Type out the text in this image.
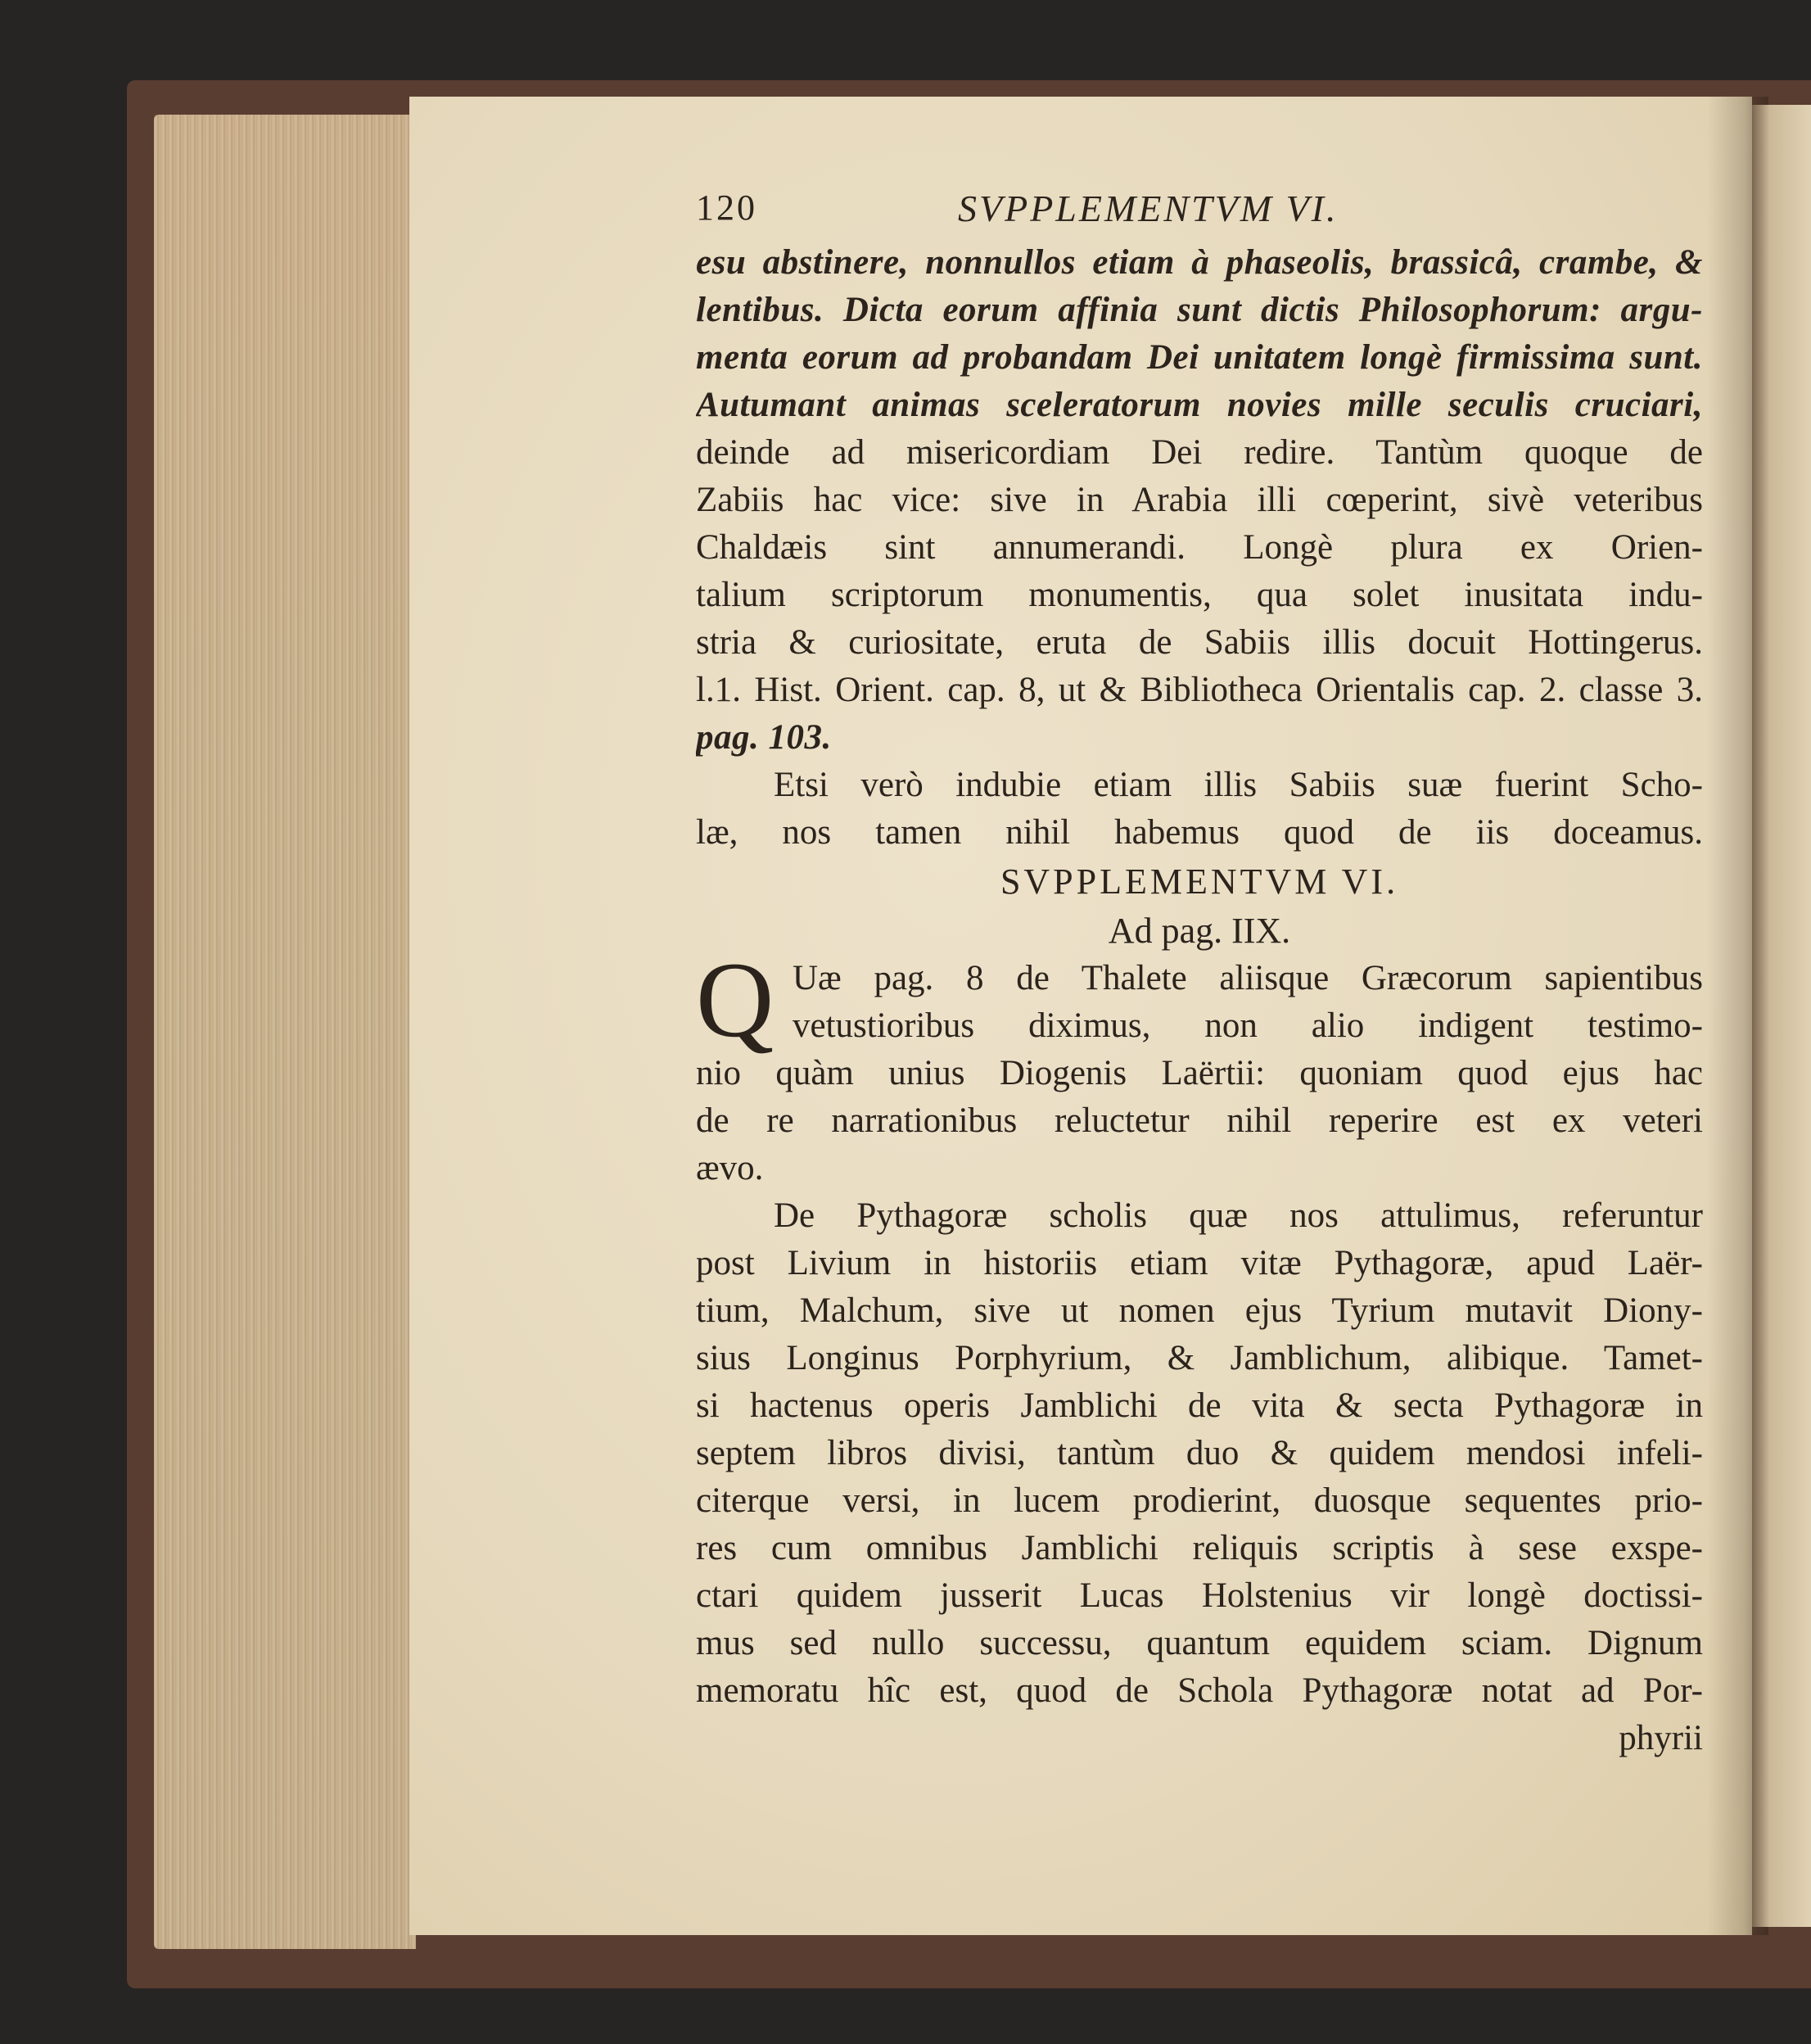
120	SVPPLEMENTVM VI.
esu abstinere, nonnullos etiam à phaseolis, brassicâ, crambe, &
lentibus. Dicta eorum affinia sunt dictis Philosophorum: argu-
menta eorum ad probandam Dei unitatem longè firmissima sunt.
Autumant animas sceleratorum novies mille seculis cruciari,
deinde ad misericordiam Dei redire. Tantùm quoque de
Zabiis hac vice: sive in Arabia illi cœperint, sivè veteribus
Chaldæis sint annumerandi. Longè plura ex Orien-
talium scriptorum monumentis, qua solet inusitata indu-
stria & curiositate, eruta de Sabiis illis docuit Hottingerus.
l.1. Hist. Orient. cap. 8, ut & Bibliotheca Orientalis cap. 2. classe 3.
pag. 103.
Etsi verò indubie etiam illis Sabiis suæ fuerint Scho-
læ, nos tamen nihil habemus quod de iis doceamus.
SVPPLEMENTVM VI.
Ad pag. IIX.
Q Uæ pag. 8 de Thalete aliisque Græcorum sapientibus
vetustioribus diximus, non alio indigent testimo-
nio quàm unius Diogenis Laërtii: quoniam quod ejus hac
de re narrationibus reluctetur nihil reperire est ex veteri
ævo.
De Pythagoræ scholis quæ nos attulimus, referuntur
post Livium in historiis etiam vitæ Pythagoræ, apud Laër-
tium, Malchum, sive ut nomen ejus Tyrium mutavit Diony-
sius Longinus Porphyrium, & Jamblichum, alibique. Tamet-
si hactenus operis Jamblichi de vita & secta Pythagoræ in
septem libros divisi, tantùm duo & quidem mendosi infeli-
citerque versi, in lucem prodierint, duosque sequentes prio-
res cum omnibus Jamblichi reliquis scriptis à sese exspe-
ctari quidem jusserit Lucas Holstenius vir longè doctissi-
mus sed nullo successu, quantum equidem sciam. Dignum
memoratu hîc est, quod de Schola Pythagoræ notat ad Por-
phyrii
